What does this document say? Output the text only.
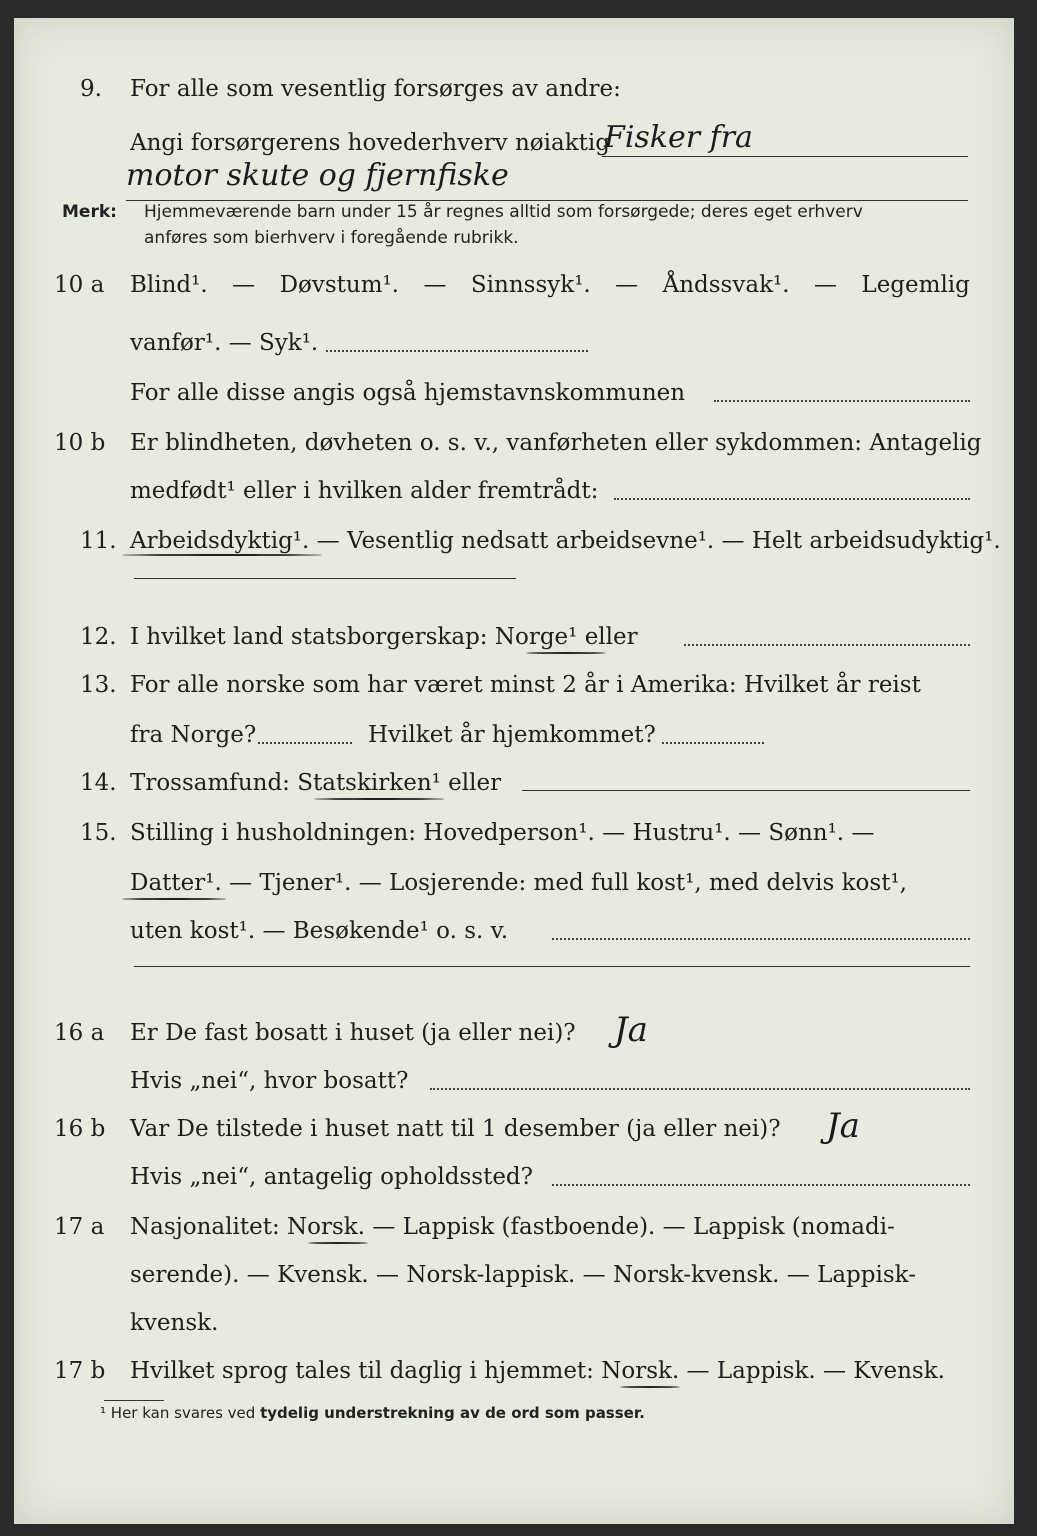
9. For alle som vesentlig forsørges av andre:
Angi forsørgerens hovederhverv nøiaktig
Fisker fra
motor skute og fjernfiske
Merk: Hjemmeværende barn under 15 år regnes alltid som forsørgede; deres eget erhverv
anføres som bierhverv i foregående rubrikk.
10 a Blind¹. — Døvstum¹. — Sinnssyk¹. — Åndssvak¹. — Legemlig
vanfør¹. — Syk¹.
For alle disse angis også hjemstavnskommunen
10 b Er blindheten, døvheten o. s. v., vanførheten eller sykdommen: Antagelig
medfødt¹ eller i hvilken alder fremtrådt:
11. Arbeidsdyktig¹. — Vesentlig nedsatt arbeidsevne¹. — Helt arbeidsudyktig¹.
12. I hvilket land statsborgerskap: Norge¹ eller
13. For alle norske som har været minst 2 år i Amerika: Hvilket år reist
fra Norge?	Hvilket år hjemkommet?
14. Trossamfund: Statskirken¹ eller
15. Stilling i husholdningen: Hovedperson¹. — Hustru¹. — Sønn¹. —
Datter¹. — Tjener¹. — Losjerende: med full kost¹, med delvis kost¹,
uten kost¹. — Besøkende¹ o. s. v.
16 a Er De fast bosatt i huset (ja eller nei)? Ja
Hvis „nei“, hvor bosatt?
16 b Var De tilstede i huset natt til 1 desember (ja eller nei)? Ja
Hvis „nei“, antagelig opholdssted?
17 a Nasjonalitet: Norsk. — Lappisk (fastboende). — Lappisk (nomadi-
serende). — Kvensk. — Norsk-lappisk. — Norsk-kvensk. — Lappisk-
kvensk.
17 b Hvilket sprog tales til daglig i hjemmet: Norsk. — Lappisk. — Kvensk.
¹ Her kan svares ved tydelig understrekning av de ord som passer.
